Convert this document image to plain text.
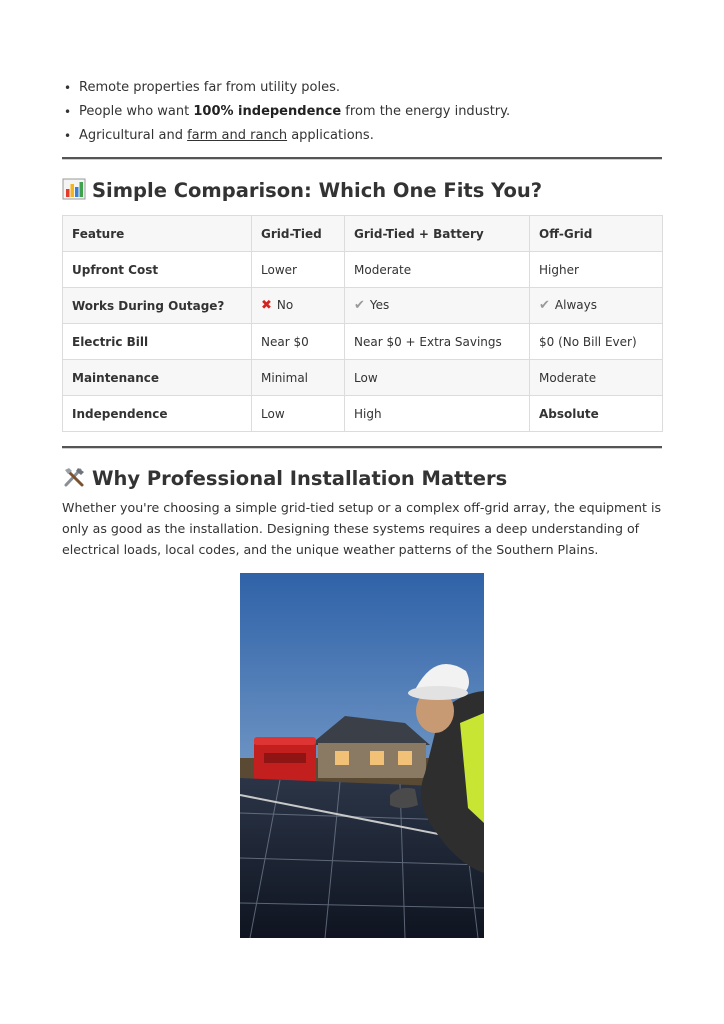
• Remote properties far from utility poles.
• People who want 100% independence from the energy industry.
• Agricultural and farm and ranch applications.
Simple Comparison: Which One Fits You?
Feature	Grid-Tied	Grid-Tied + Battery	Off-Grid
Upfront Cost	Lower	Moderate	Higher
Works During Outage?	✖ No	✔ Yes	✔ Always
Electric Bill	Near $0	Near $0 + Extra Savings	$0 (No Bill Ever)
Maintenance	Minimal	Low	Moderate
Independence	Low	High	Absolute
Why Professional Installation Matters
Whether you're choosing a simple grid-tied setup or a complex off-grid array, the equipment is only as good as the installation. Designing these systems requires a deep understanding of electrical loads, local codes, and the unique weather patterns of the Southern Plains.
